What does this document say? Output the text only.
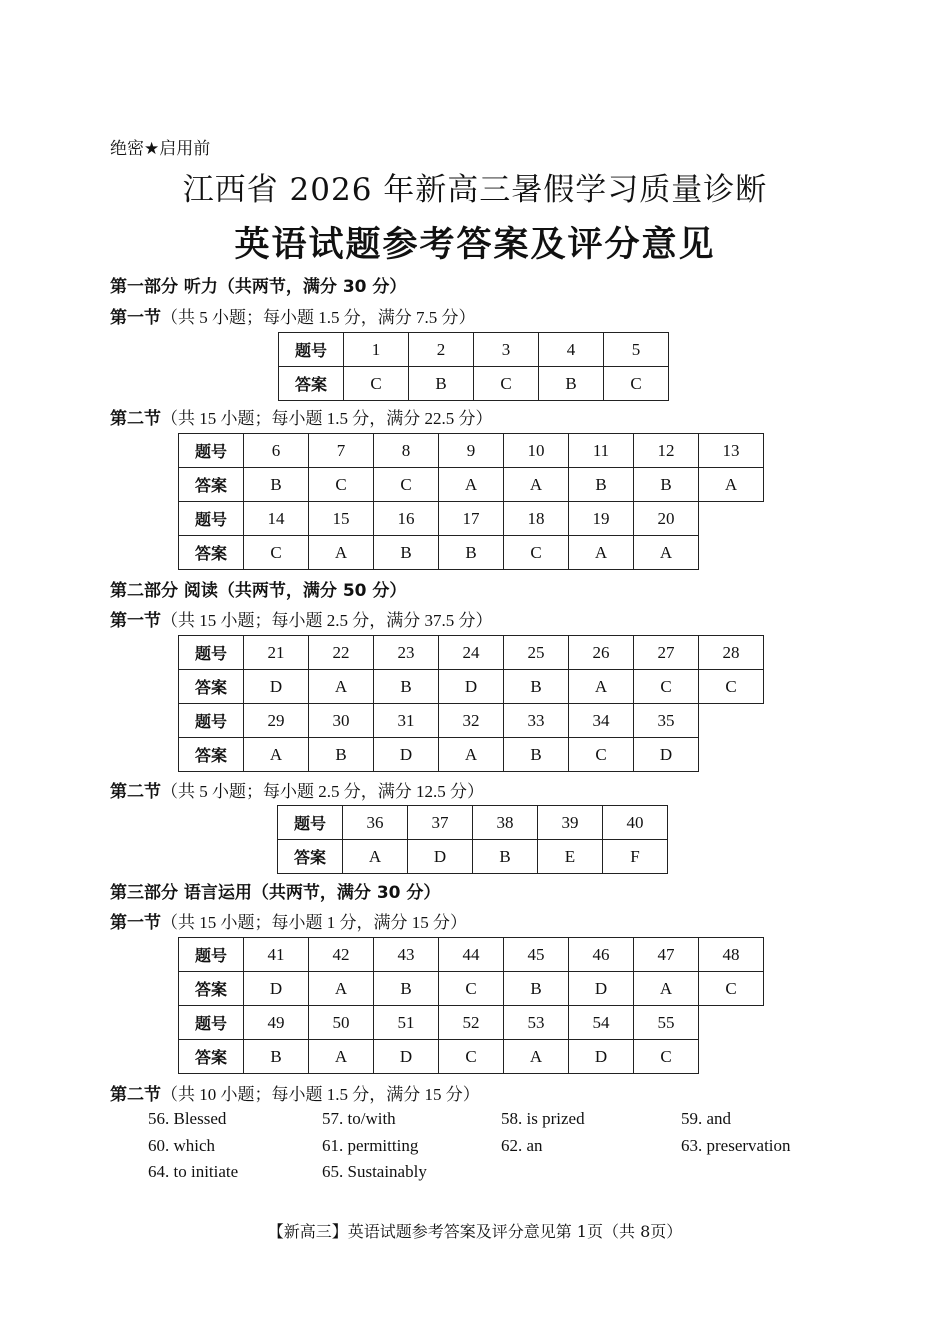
绝密★启用前
江西省 2026 年新高三暑假学习质量诊断
英语试题参考答案及评分意见
第一部分 听力（共两节，满分 30 分）
第一节（共 5 小题；每小题 1.5 分，满分 7.5 分）
题号	1	2	3	4	5
答案	C	B	C	B	C
第二节（共 15 小题；每小题 1.5 分，满分 22.5 分）
题号	6	7	8	9	10	11	12	13
答案	B	C	C	A	A	B	B	A
题号	14	15	16	17	18	19	20	
答案	C	A	B	B	C	A	A	
第二部分 阅读（共两节，满分 50 分）
第一节（共 15 小题；每小题 2.5 分，满分 37.5 分）
题号	21	22	23	24	25	26	27	28
答案	D	A	B	D	B	A	C	C
题号	29	30	31	32	33	34	35	
答案	A	B	D	A	B	C	D	
第二节（共 5 小题；每小题 2.5 分，满分 12.5 分）
题号	36	37	38	39	40
答案	A	D	B	E	F
第三部分 语言运用（共两节，满分 30 分）
第一节（共 15 小题；每小题 1 分，满分 15 分）
题号	41	42	43	44	45	46	47	48
答案	D	A	B	C	B	D	A	C
题号	49	50	51	52	53	54	55	
答案	B	A	D	C	A	D	C	
第二节（共 10 小题；每小题 1.5 分，满分 15 分）
56. Blessed	57. to/with	58. is prized	59. and
60. which	61. permitting	62. an	63. preservation
64. to initiate	65. Sustainably
【新高三】英语试题参考答案及评分意见第 1页（共 8页）
